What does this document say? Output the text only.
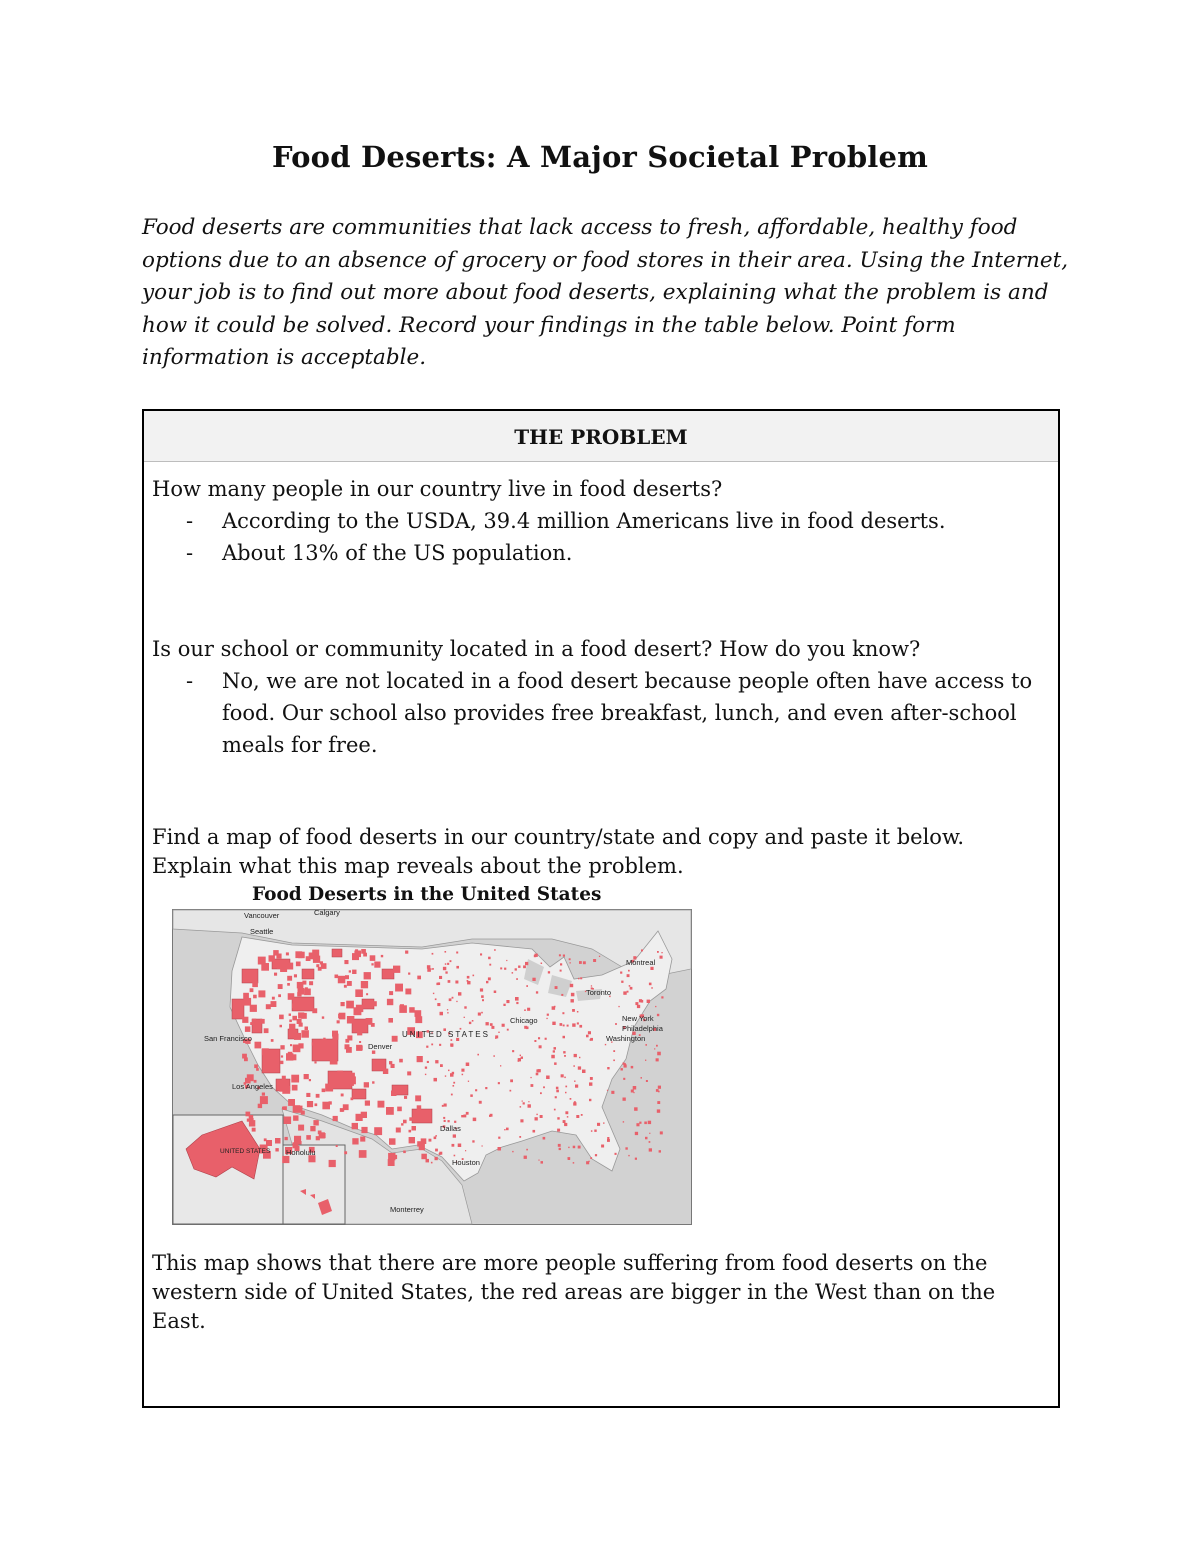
Food Deserts: A Major Societal Problem
Food deserts are communities that lack access to fresh, affordable, healthy food options due to an absence of grocery or food stores in their area. Using the Internet, your job is to find out more about food deserts, explaining what the problem is and how it could be solved. Record your findings in the table below. Point form information is acceptable.
THE PROBLEM

How many people in our country live in food deserts?

- According to the USDA, 39.4 million Americans live in food deserts.
- About 13% of the US population.

Is our school or community located in a food desert? How do you know?

- No, we are not located in a food desert because people often have access to food. Our school also provides free breakfast, lunch, and even after-school meals for free.

Find a map of food deserts in our country/state and copy and paste it below. Explain what this map reveals about the problem.

Food Deserts in the United States

Vancouver
Seattle
Calgary
Montreal
Toronto
Chicago	New York
Philadelphia
Washington
San Francisco
Denver
UNITED STATES
Los Angeles
Dallas
Houston
Monterrey
UNITED STATES Honolulu

This map shows that there are more people suffering from food deserts on the western side of United States, the red areas are bigger in the West than on the East.
